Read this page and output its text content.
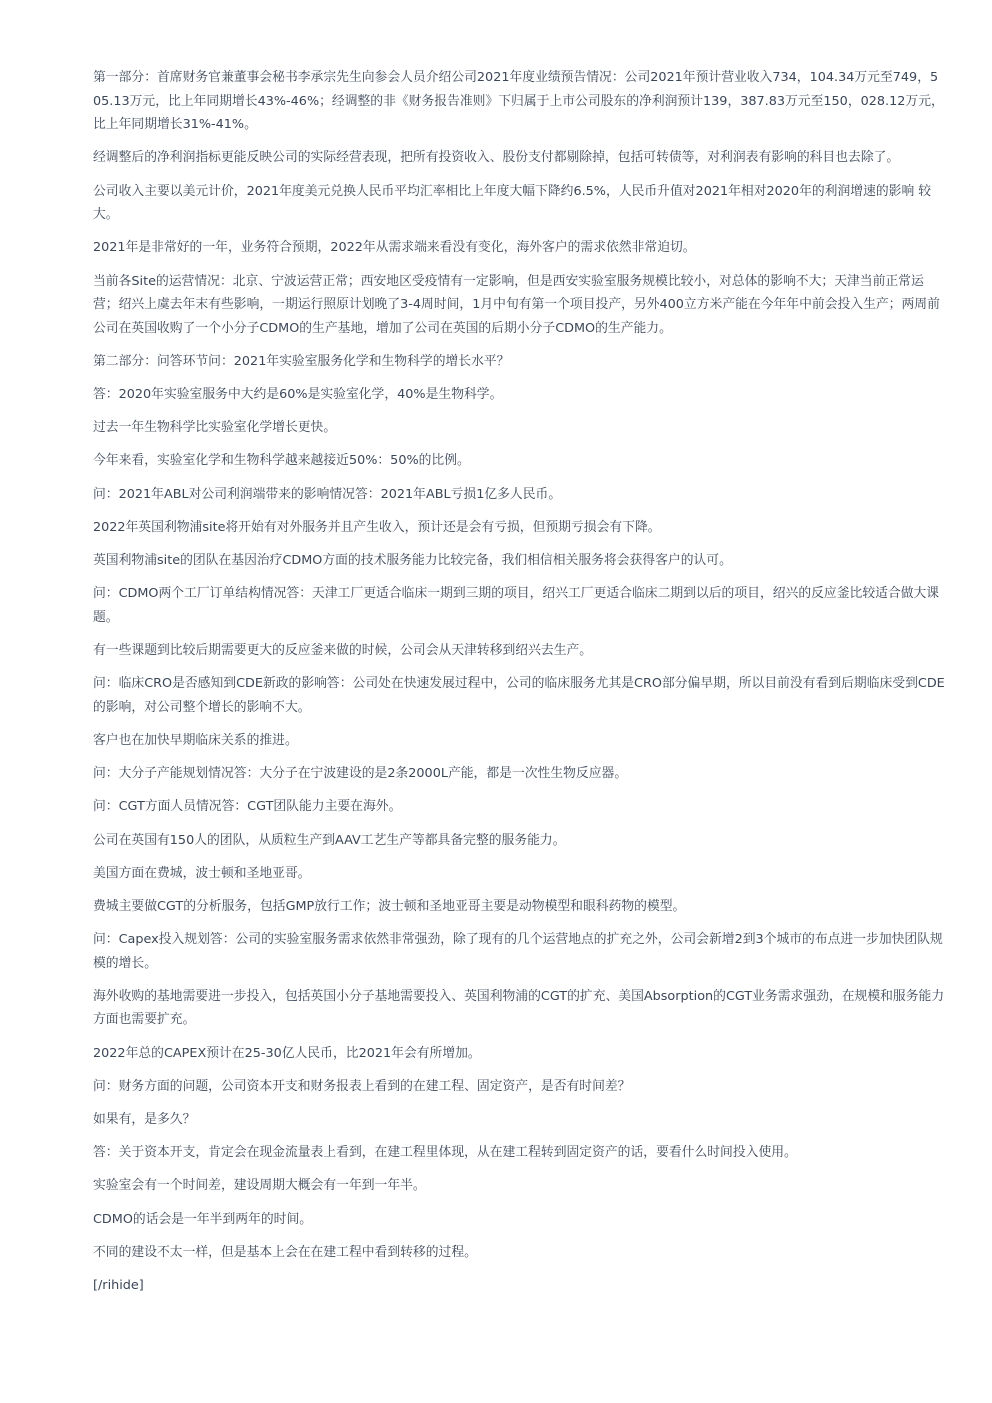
第一部分：首席财务官兼董事会秘书李承宗先生向参会人员介绍公司2021年度业绩预告情况：公司2021年预计营业收入734，104.34万元至749，505.13万元，比上年同期增长43%-46%；经调整的非《财务报告准则》下归属于上市公司股东的净利润预计139，387.83万元至150，028.12万元，比上年同期增长31%-41%。

经调整后的净利润指标更能反映公司的实际经营表现，把所有投资收入、股份支付都剔除掉，包括可转债等，对利润表有影响的科目也去除了。

公司收入主要以美元计价，2021年度美元兑换人民币平均汇率相比上年度大幅下降约6.5%，人民币升值对2021年相对2020年的利润增速的影响 较大。

2021年是非常好的一年，业务符合预期，2022年从需求端来看没有变化，海外客户的需求依然非常迫切。

当前各Site的运营情况：北京、宁波运营正常；西安地区受疫情有一定影响，但是西安实验室服务规模比较小，对总体的影响不大；天津当前正常运营；绍兴上虞去年末有些影响，一期运行照原计划晚了3-4周时间，1月中旬有第一个项目投产，另外400立方米产能在今年年中前会投入生产；两周前公司在英国收购了一个小分子CDMO的生产基地，增加了公司在英国的后期小分子CDMO的生产能力。

第二部分：问答环节问：2021年实验室服务化学和生物科学的增长水平？

答：2020年实验室服务中大约是60%是实验室化学，40%是生物科学。

过去一年生物科学比实验室化学增长更快。

今年来看，实验室化学和生物科学越来越接近50%：50%的比例。

问：2021年ABL对公司利润端带来的影响情况答：2021年ABL亏损1亿多人民币。

2022年英国利物浦site将开始有对外服务并且产生收入，预计还是会有亏损，但预期亏损会有下降。

英国利物浦site的团队在基因治疗CDMO方面的技术服务能力比较完备，我们相信相关服务将会获得客户的认可。

问：CDMO两个工厂订单结构情况答：天津工厂更适合临床一期到三期的项目，绍兴工厂更适合临床二期到以后的项目，绍兴的反应釜比较适合做大课题。

有一些课题到比较后期需要更大的反应釜来做的时候，公司会从天津转移到绍兴去生产。

问：临床CRO是否感知到CDE新政的影响答：公司处在快速发展过程中，公司的临床服务尤其是CRO部分偏早期，所以目前没有看到后期临床受到CDE的影响，对公司整个增长的影响不大。

客户也在加快早期临床关系的推进。

问：大分子产能规划情况答：大分子在宁波建设的是2条2000L产能，都是一次性生物反应器。

问：CGT方面人员情况答：CGT团队能力主要在海外。

公司在英国有150人的团队，从质粒生产到AAV工艺生产等都具备完整的服务能力。

美国方面在费城，波士顿和圣地亚哥。

费城主要做CGT的分析服务，包括GMP放行工作；波士顿和圣地亚哥主要是动物模型和眼科药物的模型。

问：Capex投入规划答：公司的实验室服务需求依然非常强劲，除了现有的几个运营地点的扩充之外，公司会新增2到3个城市的布点进一步加快团队规模的增长。

海外收购的基地需要进一步投入，包括英国小分子基地需要投入、英国利物浦的CGT的扩充、美国Absorption的CGT业务需求强劲，在规模和服务能力方面也需要扩充。

2022年总的CAPEX预计在25-30亿人民币，比2021年会有所增加。

问：财务方面的问题，公司资本开支和财务报表上看到的在建工程、固定资产，是否有时间差？

如果有，是多久？

答：关于资本开支，肯定会在现金流量表上看到，在建工程里体现，从在建工程转到固定资产的话，要看什么时间投入使用。

实验室会有一个时间差，建设周期大概会有一年到一年半。

CDMO的话会是一年半到两年的时间。

不同的建设不太一样，但是基本上会在在建工程中看到转移的过程。

[/rihide]
